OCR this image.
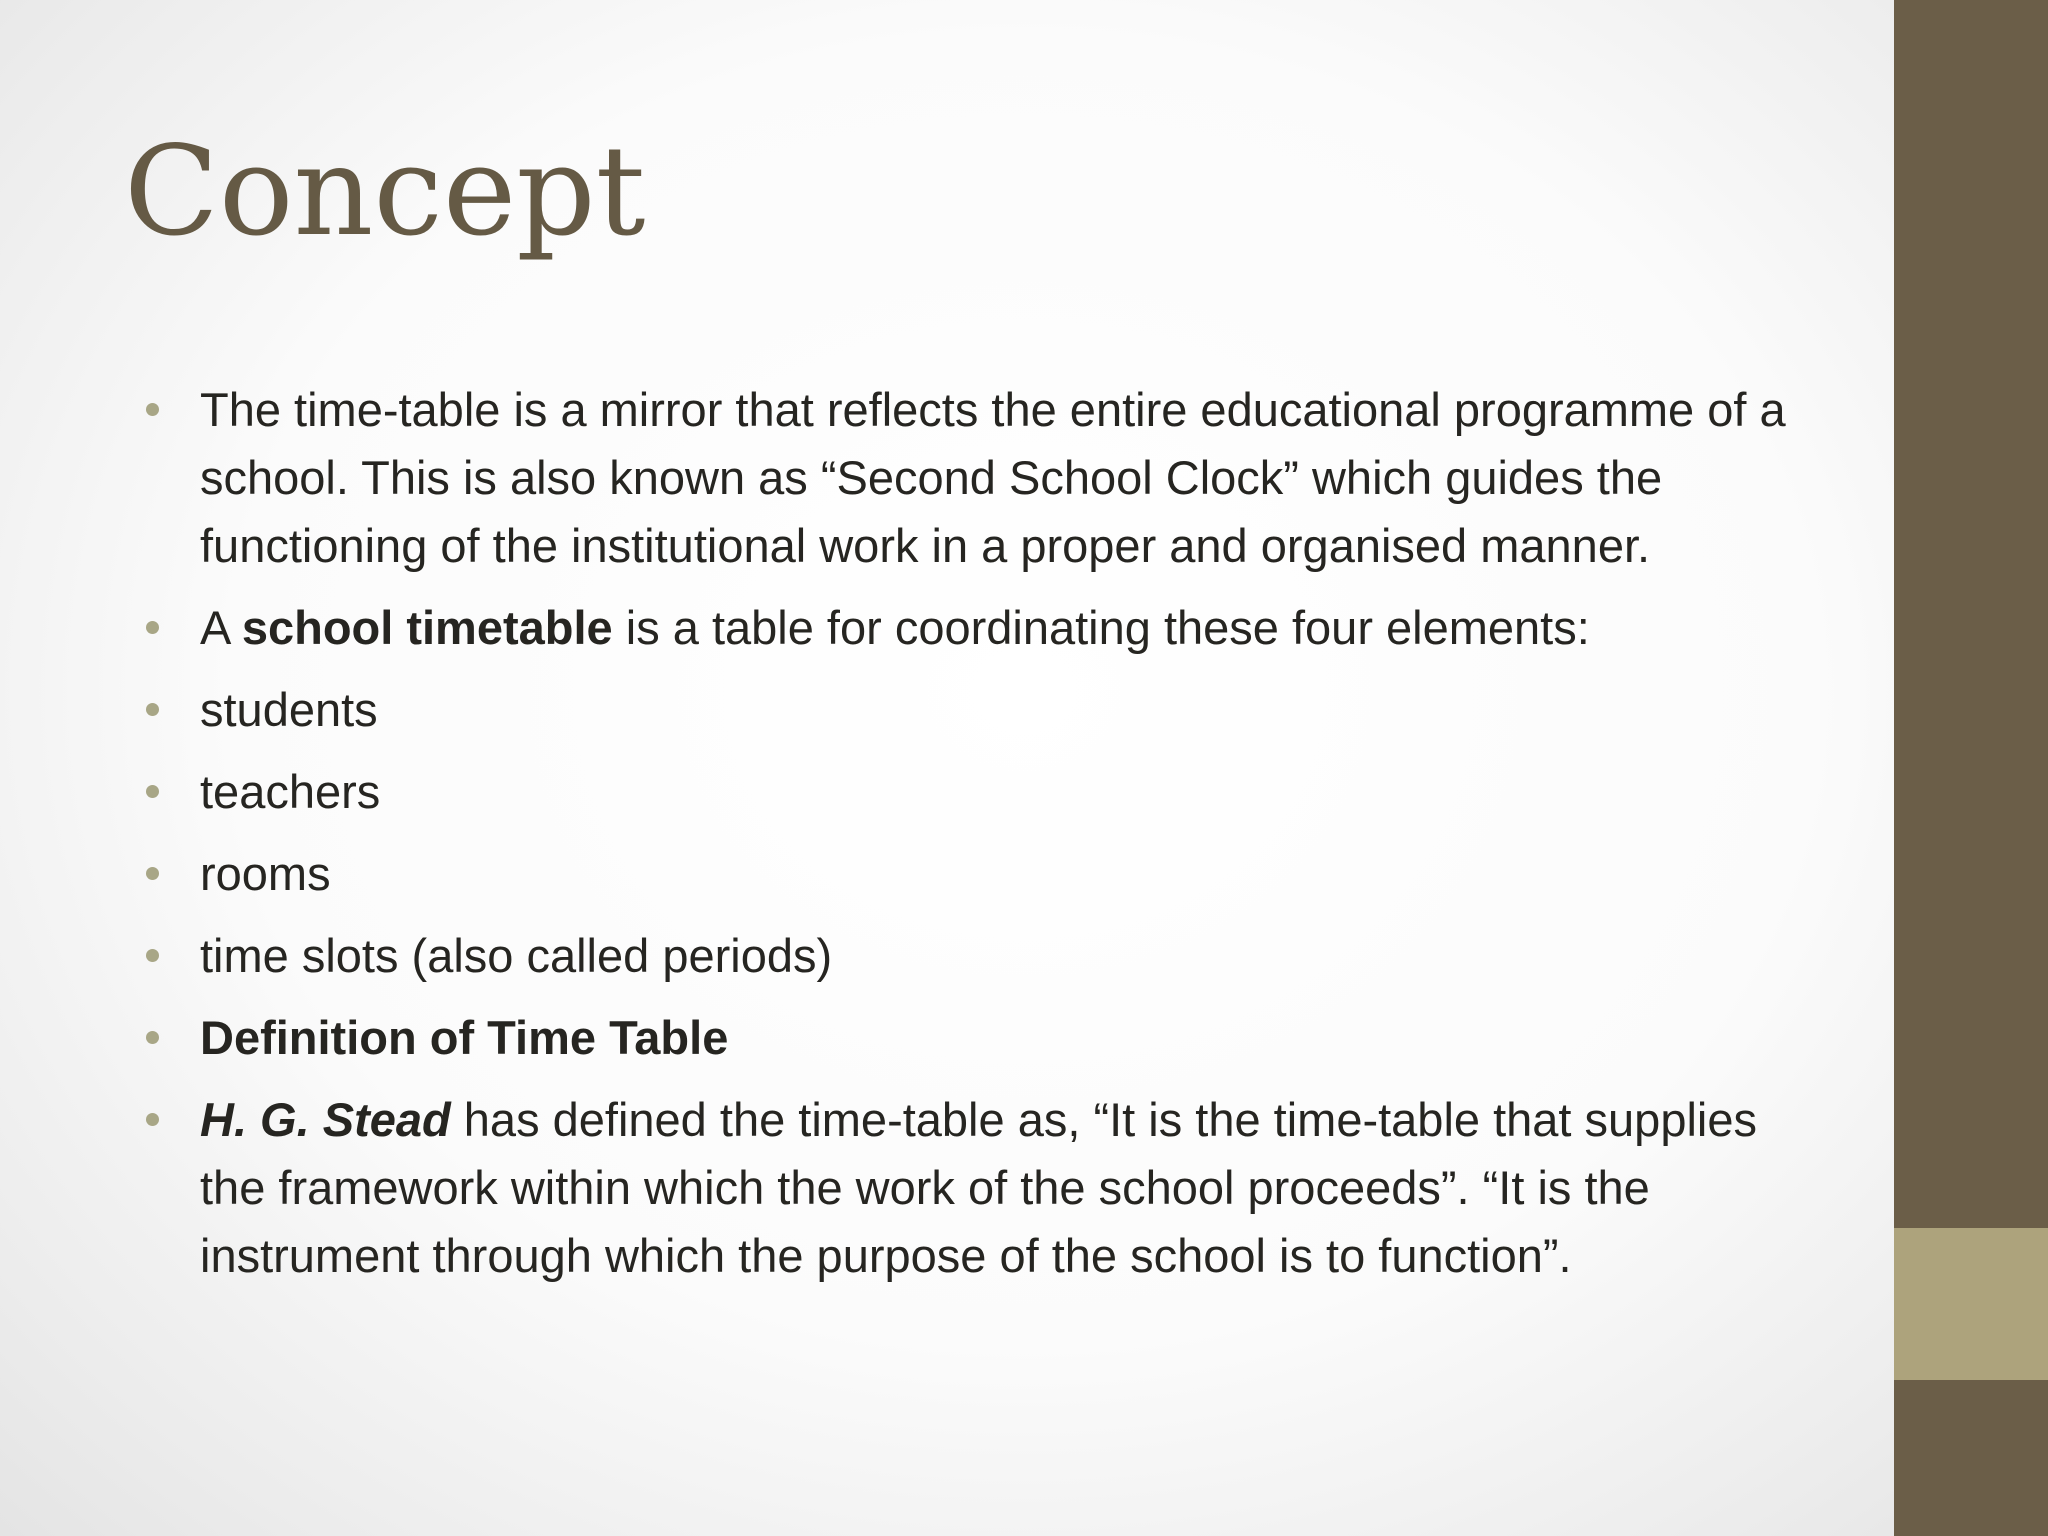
Concept
The time-table is a mirror that reflects the entire educational programme of a school. This is also known as “Second School Clock” which guides the functioning of the institutional work in a proper and organised manner.
A school timetable is a table for coordinating these four elements:
students
teachers
rooms
time slots (also called periods)
Definition of Time Table
H. G. Stead has defined the time-table as, “It is the time-table that supplies the framework within which the work of the school proceeds”. “It is the instrument through which the purpose of the school is to function”.
